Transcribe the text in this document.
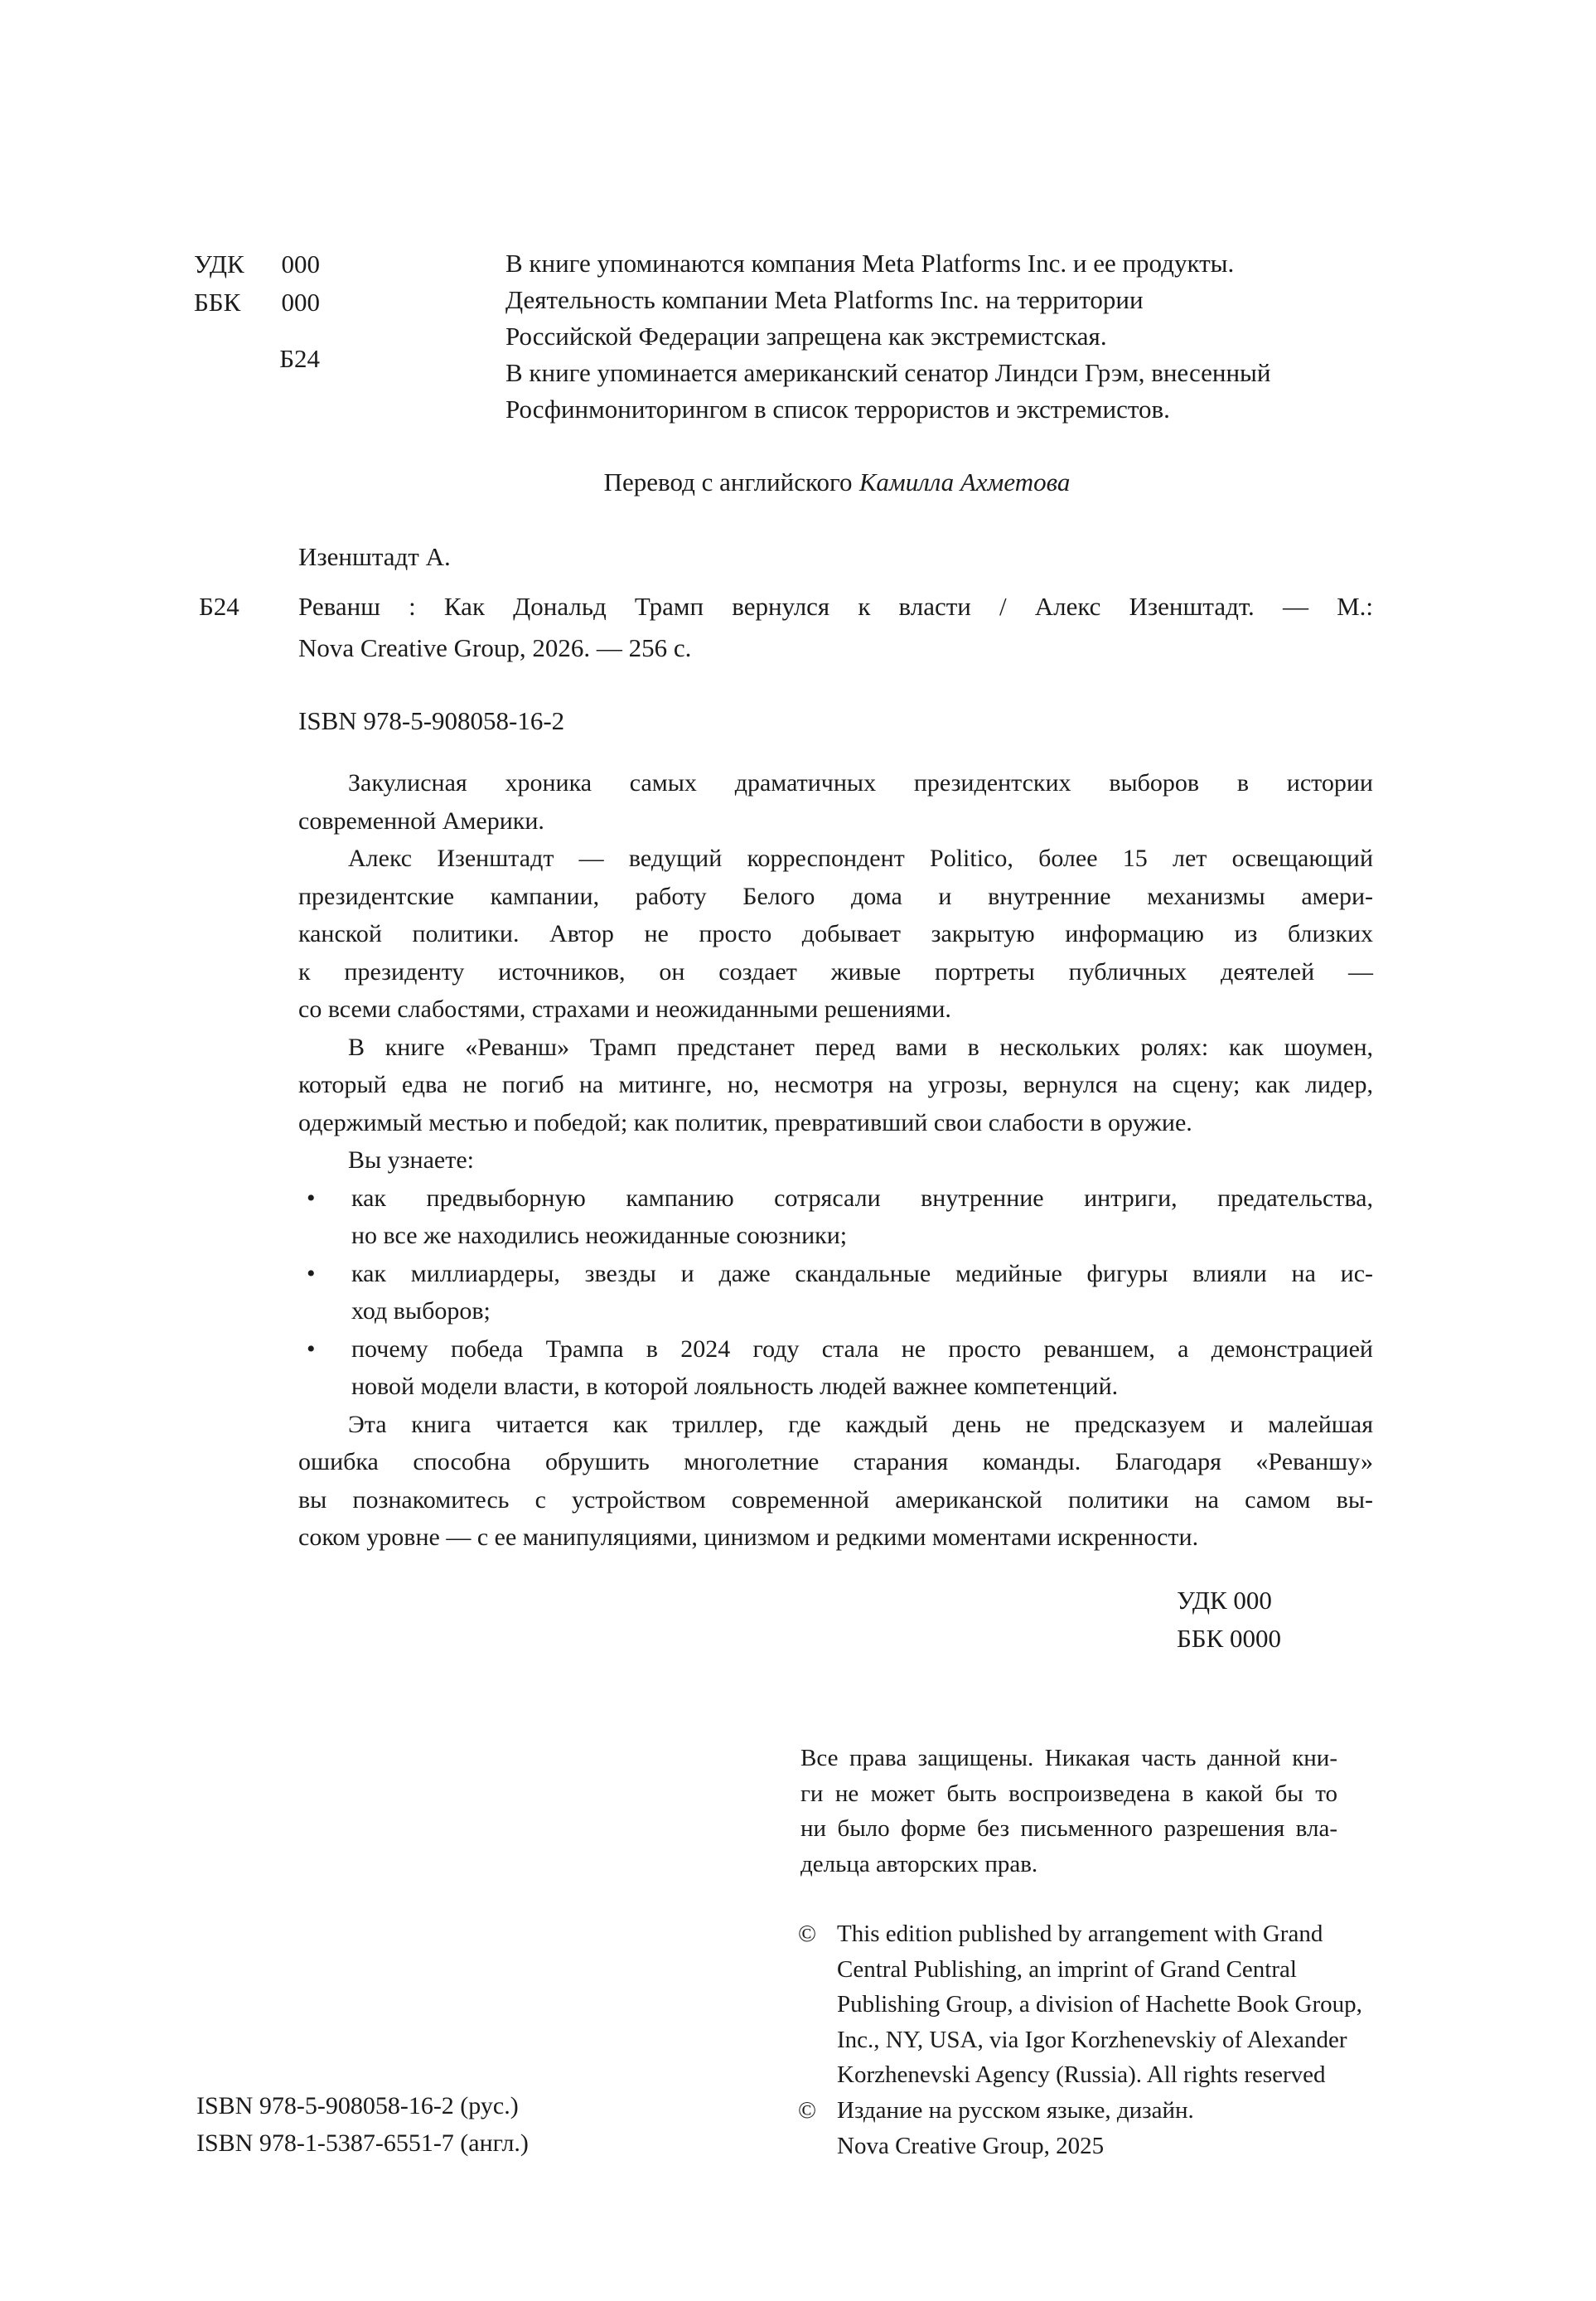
УДК 000
ББК 000
Б24
В книге упоминаются компания Meta Platforms Inc. и ее продукты.
Деятельность компании Meta Platforms Inc. на территории
Российской Федерации запрещена как экстремистская.
В книге упоминается американский сенатор Линдси Грэм, внесенный
Росфинмониторингом в список террористов и экстремистов.
Перевод с английского Камилла Ахметова
Изенштадт А.
Б24 Реванш : Как Дональд Трамп вернулся к власти / Алекс Изенштадт. — М.:
Nova Creative Group, 2026. — 256 с.
ISBN 978-5-908058-16-2

Закулисная хроника самых драматичных президентских выборов в истории
современной Америки.

Алекс Изенштадт — ведущий корреспондент Politico, более 15 лет освещающий
президентские кампании, работу Белого дома и внутренние механизмы амери-
канской политики. Автор не просто добывает закрытую информацию из близких
к президенту источников, он создает живые портреты публичных деятелей —
со всеми слабостями, страхами и неожиданными решениями.

В книге «Реванш» Трамп предстанет перед вами в нескольких ролях: как шоумен,
который едва не погиб на митинге, но, несмотря на угрозы, вернулся на сцену; как лидер,
одержимый местью и победой; как политик, превративший свои слабости в оружие.

Вы узнаете:

•	как предвыборную кампанию сотрясали внутренние интриги, предательства,
но все же находились неожиданные союзники;
•	как миллиардеры, звезды и даже скандальные медийные фигуры влияли на ис-
ход выборов;
•	почему победа Трампа в 2024 году стала не просто реваншем, а демонстрацией
новой модели власти, в которой лояльность людей важнее компетенций.

Эта книга читается как триллер, где каждый день не предсказуем и малейшая
ошибка способна обрушить многолетние старания команды. Благодаря «Реваншу»
вы познакомитесь с устройством современной американской политики на самом вы-
соком уровне — с ее манипуляциями, цинизмом и редкими моментами искренности.

УДК 000
ББК 0000
Все права защищены. Никакая часть данной кни-
ги не может быть воспроизведена в какой бы то
ни было форме без письменного разрешения вла-
дельца авторских прав.
© This edition published by arrangement with Grand
Central Publishing, an imprint of Grand Central
Publishing Group, a division of Hachette Book Group,
Inc., NY, USA, via Igor Korzhenevskiy of Alexander
Korzhenevski Agency (Russia). All rights reserved
© Издание на русском языке, дизайн.
Nova Creative Group, 2025
ISBN 978-5-908058-16-2 (рус.)
ISBN 978-1-5387-6551-7 (англ.)
